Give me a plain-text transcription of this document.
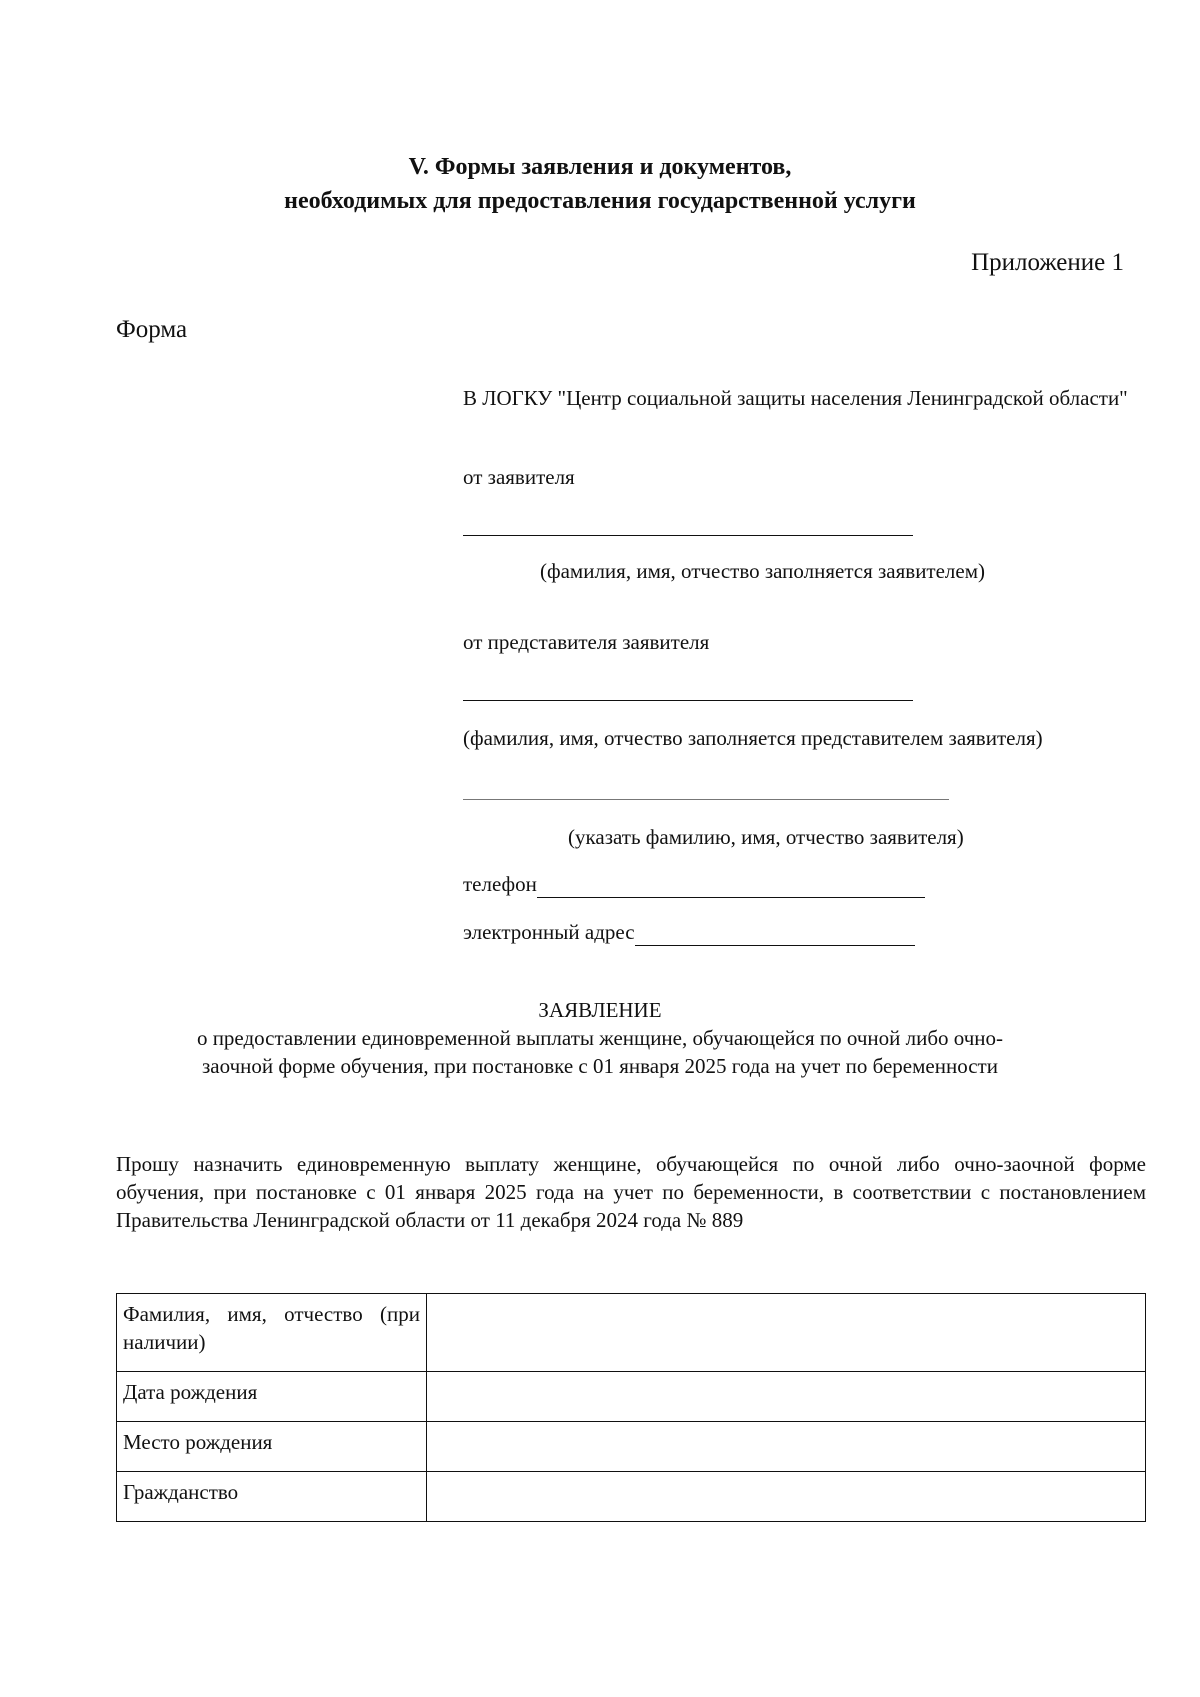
V. Формы заявления и документов,
необходимых для предоставления государственной услуги
Приложение 1
Форма
В ЛОГКУ "Центр социальной защиты населения Ленинградской области"
от заявителя
(фамилия, имя, отчество заполняется заявителем)
от представителя заявителя
(фамилия, имя, отчество заполняется представителем заявителя)
(указать фамилию, имя, отчество заявителя)
телефон
электронный адрес
ЗАЯВЛЕНИЕ
о предоставлении единовременной выплаты женщине, обучающейся по очной либо очно-
заочной форме обучения, при постановке с 01 января 2025 года на учет по беременности
Прошу назначить единовременную выплату женщине, обучающейся по очной либо очно-заочной форме обучения, при постановке с 01 января 2025 года на учет по беременности, в соответствии с постановлением Правительства Ленинградской области от 11 декабря 2024 года № 889
Фамилия, имя, отчество (при наличии)	
Дата рождения	
Место рождения	
Гражданство	
